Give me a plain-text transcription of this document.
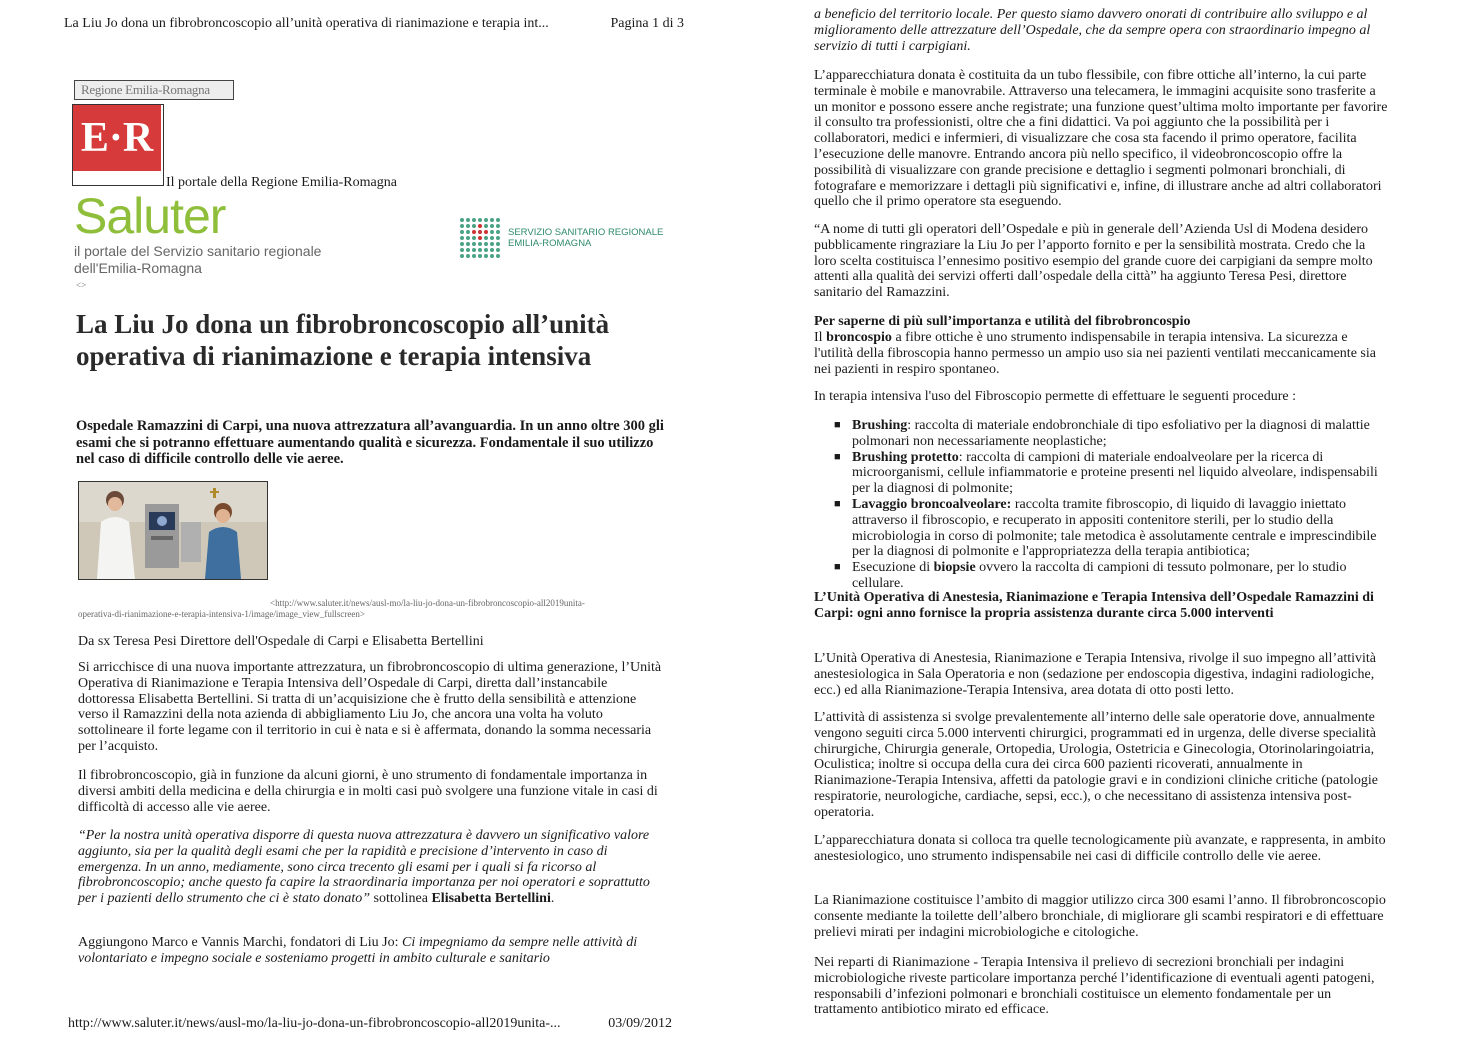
La Liu Jo dona un fibrobroncoscopio all’unità operativa di rianimazione e terapia int...	Pagina 1 di 3
Regione Emilia-Romagna
E·R
Il portale della Regione Emilia-Romagna
Saluter
il portale del Servizio sanitario regionale
dell'Emilia-Romagna
<>
SERVIZIO SANITARIO REGIONALE
EMILIA-ROMAGNA
La Liu Jo dona un fibrobroncoscopio all’unità operativa di rianimazione e terapia intensiva
Ospedale Ramazzini di Carpi, una nuova attrezzatura all’avanguardia. In un anno oltre 300 gli esami che si potranno effettuare aumentando qualità e sicurezza. Fondamentale il suo utilizzo nel caso di difficile controllo delle vie aeree.
<http://www.saluter.it/news/ausl-mo/la-liu-jo-dona-un-fibrobroncoscopio-all2019unita-
operativa-di-rianimazione-e-terapia-intensiva-1/image/image_view_fullscreen>
Da sx Teresa Pesi Direttore dell'Ospedale di Carpi e Elisabetta Bertellini
Si arricchisce di una nuova importante attrezzatura, un fibrobroncoscopio di ultima generazione, l’Unità Operativa di Rianimazione e Terapia Intensiva dell’Ospedale di Carpi, diretta dall’instancabile dottoressa Elisabetta Bertellini. Si tratta di un’acquisizione che è frutto della sensibilità e attenzione verso il Ramazzini della nota azienda di abbigliamento Liu Jo, che ancora una volta ha voluto sottolineare il forte legame con il territorio in cui è nata e si è affermata, donando la somma necessaria per l’acquisto.
Il fibrobroncoscopio, già in funzione da alcuni giorni, è uno strumento di fondamentale importanza in diversi ambiti della medicina e della chirurgia e in molti casi può svolgere una funzione vitale in casi di difficoltà di accesso alle vie aeree.
“Per la nostra unità operativa disporre di questa nuova attrezzatura è davvero un significativo valore aggiunto, sia per la qualità degli esami che per la rapidità e precisione d’intervento in caso di emergenza. In un anno, mediamente, sono circa trecento gli esami per i quali si fa ricorso al fibrobroncoscopio; anche questo fa capire la straordinaria importanza per noi operatori e soprattutto per i pazienti dello strumento che ci è stato donato” sottolinea Elisabetta Bertellini.
Aggiungono Marco e Vannis Marchi, fondatori di Liu Jo: Ci impegniamo da sempre nelle attività di volontariato e impegno sociale e sosteniamo progetti in ambito culturale e sanitario
http://www.saluter.it/news/ausl-mo/la-liu-jo-dona-un-fibrobroncoscopio-all2019unita-...	03/09/2012
a beneficio del territorio locale. Per questo siamo davvero onorati di contribuire allo sviluppo e al miglioramento delle attrezzature dell’Ospedale, che da sempre opera con straordinario impegno al servizio di tutti i carpigiani.
L’apparecchiatura donata è costituita da un tubo flessibile, con fibre ottiche all’interno, la cui parte terminale è mobile e manovrabile. Attraverso una telecamera, le immagini acquisite sono trasferite a un monitor e possono essere anche registrate; una funzione quest’ultima molto importante per favorire il consulto tra professionisti, oltre che a fini didattici. Va poi aggiunto che la possibilità per i collaboratori, medici e infermieri, di visualizzare che cosa sta facendo il primo operatore, facilita l’esecuzione delle manovre. Entrando ancora più nello specifico, il videobroncoscopio offre la possibilità di visualizzare con grande precisione e dettaglio i segmenti polmonari bronchiali, di fotografare e memorizzare i dettagli più significativi e, infine, di illustrare anche ad altri collaboratori quello che il primo operatore sta eseguendo.
“A nome di tutti gli operatori dell’Ospedale e più in generale dell’Azienda Usl di Modena desidero pubblicamente ringraziare la Liu Jo per l’apporto fornito e per la sensibilità mostrata. Credo che la loro scelta costituisca l’ennesimo positivo esempio del grande cuore dei carpigiani da sempre molto attenti alla qualità dei servizi offerti dall’ospedale della città” ha aggiunto Teresa Pesi, direttore sanitario del Ramazzini.
Per saperne di più sull’importanza e utilità del fibrobroncospio
Il broncospio a fibre ottiche è uno strumento indispensabile in terapia intensiva. La sicurezza e l'utilità della fibroscopia hanno permesso un ampio uso sia nei pazienti ventilati meccanicamente sia nei pazienti in respiro spontaneo.
In terapia intensiva l'uso del Fibroscopio permette di effettuare le seguenti procedure :
■ Brushing: raccolta di materiale endobronchiale di tipo esfoliativo per la diagnosi di malattie polmonari non necessariamente neoplastiche;
■ Brushing protetto: raccolta di campioni di materiale endoalveolare per la ricerca di microorganismi, cellule infiammatorie e proteine presenti nel liquido alveolare, indispensabili per la diagnosi di polmonite;
■ Lavaggio broncoalveolare: raccolta tramite fibroscopio, di liquido di lavaggio iniettato attraverso il fibroscopio, e recuperato in appositi contenitore sterili, per lo studio della microbiologia in corso di polmonite; tale metodica è assolutamente centrale e imprescindibile per la diagnosi di polmonite e l'appropriatezza della terapia antibiotica;
■ Esecuzione di biopsie ovvero la raccolta di campioni di tessuto polmonare, per lo studio cellulare.
L’Unità Operativa di Anestesia, Rianimazione e Terapia Intensiva dell’Ospedale Ramazzini di Carpi: ogni anno fornisce la propria assistenza durante circa 5.000 interventi
L’Unità Operativa di Anestesia, Rianimazione e Terapia Intensiva, rivolge il suo impegno all’attività anestesiologica in Sala Operatoria e non (sedazione per endoscopia digestiva, indagini radiologiche, ecc.) ed alla Rianimazione-Terapia Intensiva, area dotata di otto posti letto.
L’attività di assistenza si svolge prevalentemente all’interno delle sale operatorie dove, annualmente vengono seguiti circa 5.000 interventi chirurgici, programmati ed in urgenza, delle diverse specialità chirurgiche, Chirurgia generale, Ortopedia, Urologia, Ostetricia e Ginecologia, Otorinolaringoiatria, Oculistica; inoltre si occupa della cura dei circa 600 pazienti ricoverati, annualmente in Rianimazione-Terapia Intensiva, affetti da patologie gravi e in condizioni cliniche critiche (patologie respiratorie, neurologiche, cardiache, sepsi, ecc.), o che necessitano di assistenza intensiva post-operatoria.
L’apparecchiatura donata si colloca tra quelle tecnologicamente più avanzate, e rappresenta, in ambito anestesiologico, uno strumento indispensabile nei casi di difficile controllo delle vie aeree.
La Rianimazione costituisce l’ambito di maggior utilizzo circa 300 esami l’anno. Il fibrobroncoscopio consente mediante la toilette dell’albero bronchiale, di migliorare gli scambi respiratori e di effettuare prelievi mirati per indagini microbiologiche e citologiche.
Nei reparti di Rianimazione - Terapia Intensiva il prelievo di secrezioni bronchiali per indagini microbiologiche riveste particolare importanza perché l’identificazione di eventuali agenti patogeni, responsabili d’infezioni polmonari e bronchiali costituisce un elemento fondamentale per un trattamento antibiotico mirato ed efficace.
